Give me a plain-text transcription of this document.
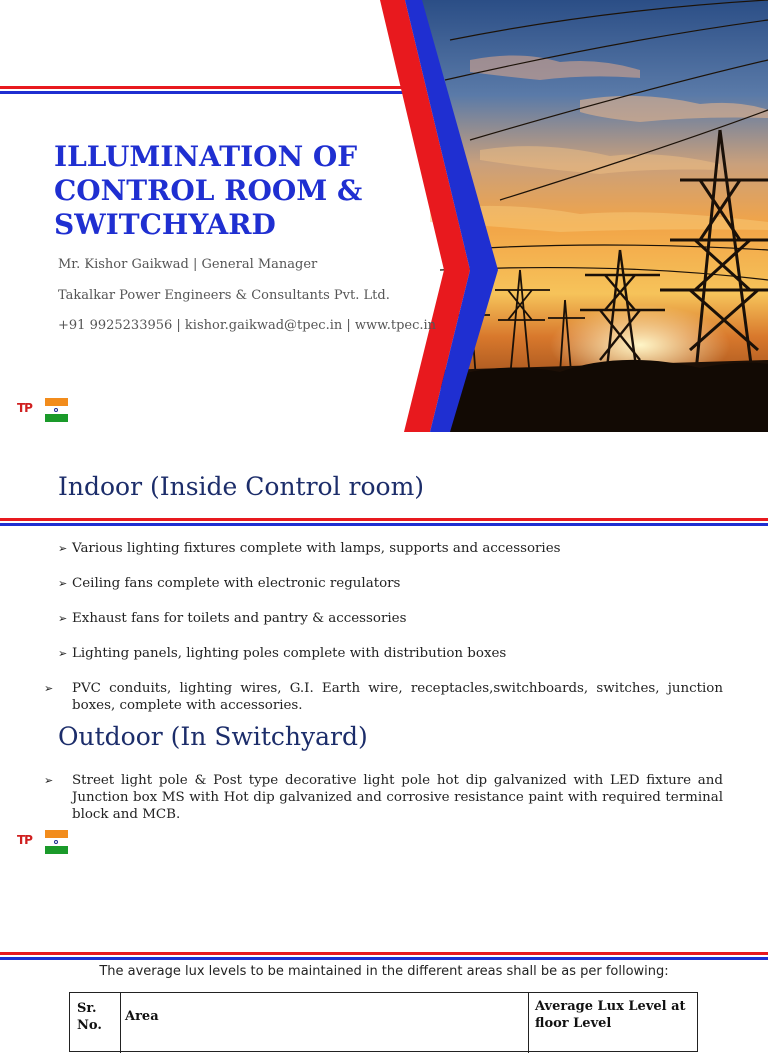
ILLUMINATION OF
CONTROL ROOM &
SWITCHYARD
Mr. Kishor Gaikwad | General Manager
Takalkar Power Engineers & Consultants Pvt. Ltd.
+91 9925233956 | kishor.gaikwad@tpec.in | www.tpec.in
TP
Indoor (Inside Control room)
➢ Various lighting fixtures complete with lamps, supports and accessories
➢ Ceiling fans complete with electronic regulators
➢ Exhaust fans for toilets and pantry & accessories
➢ Lighting panels, lighting poles complete with distribution boxes
➢ PVC conduits, lighting wires, G.I. Earth wire, receptacles,switchboards, switches, junction boxes, complete with accessories.
Outdoor (In Switchyard)
➢ Street light pole & Post type decorative light pole hot dip galvanized with LED fixture and Junction box MS with Hot dip galvanized and corrosive resistance paint with required terminal block and MCB.
TP
The average lux levels to be maintained in the different areas shall be as per following:
Sr.
No.
Area
Average Lux Level at
floor Level
